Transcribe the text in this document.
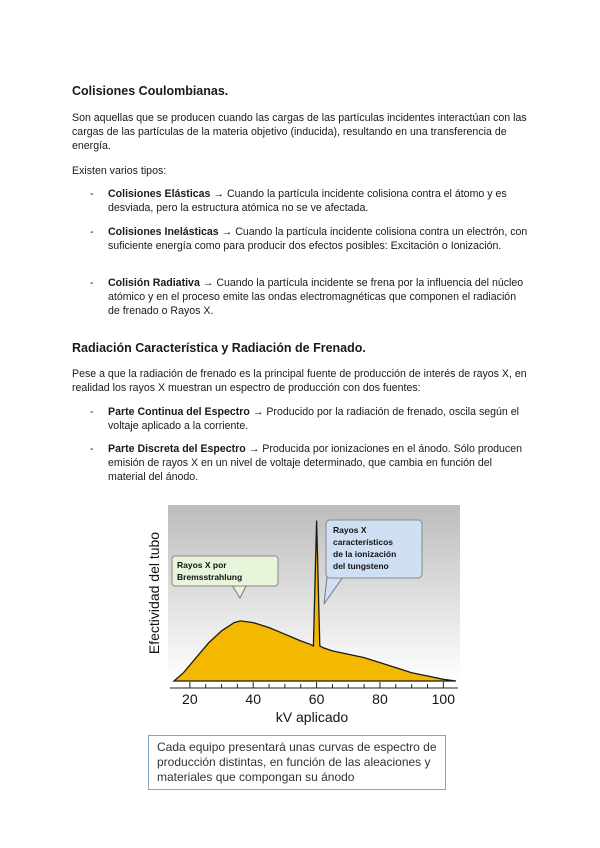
Colisiones Coulombianas.
Son aquellas que se producen cuando las cargas de las partículas incidentes interactúan con las cargas de las partículas de la materia objetivo (inducida), resultando en una transferencia de energía.
Existen varios tipos:
- Colisiones Elásticas → Cuando la partícula incidente colisiona contra el átomo y es desviada, pero la estructura atómica no se ve afectada.
- Colisiones Inelásticas → Cuando la partícula incidente colisiona contra un electrón, con suficiente energía como para producir dos efectos posibles: Excitación o Ionización.
- Colisión Radiativa → Cuando la partícula incidente se frena por la influencia del núcleo atómico y en el proceso emite las ondas electromagnéticas que componen el radiación de frenado o Rayos X.
Radiación Característica y Radiación de Frenado.
Pese a que la radiación de frenado es la principal fuente de producción de interés de rayos X, en realidad los rayos X muestran un espectro de producción con dos fuentes:
- Parte Continua del Espectro → Producido por la radiación de frenado, oscila según el voltaje aplicado a la corriente.
- Parte Discreta del Espectro → Producida por ionizaciones en el ánodo. Sólo producen emisión de rayos X en un nivel de voltaje determinado, que cambia en función del material del ánodo.
20	40	60	80	100
kV aplicado
Efectividad del tubo Rayos X por Bremsstrahlung
Rayos X característicos de la ionización del tungsteno
Cada equipo presentará unas curvas de espectro de producción distintas, en función de las aleaciones y materiales que compongan su ánodo
